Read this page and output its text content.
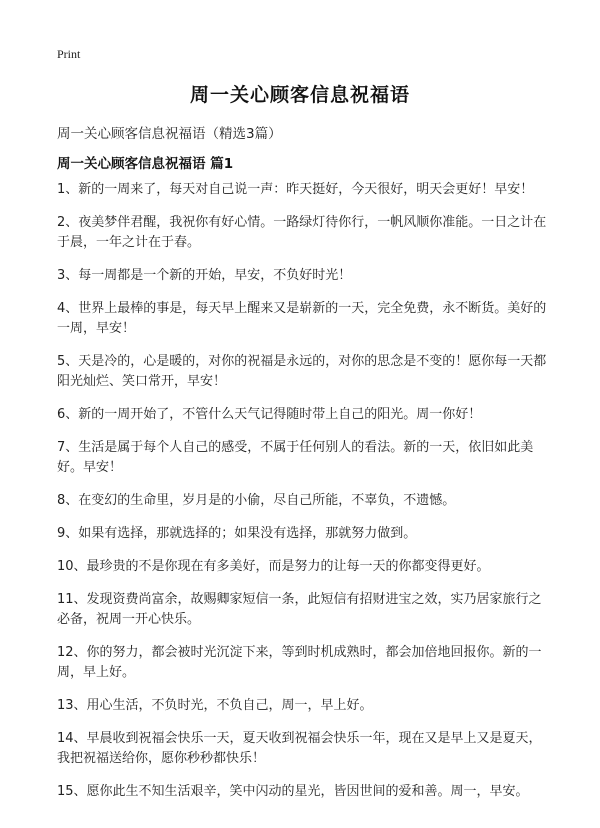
Print
周一关心顾客信息祝福语
周一关心顾客信息祝福语（精选3篇）
周一关心顾客信息祝福语 篇1

1、新的一周来了，每天对自己说一声：昨天挺好，今天很好，明天会更好！早安！

2、夜美梦伴君醒，我祝你有好心情。一路绿灯待你行，一帆风顺你准能。一日之计在于晨，一年之计在于春。

3、每一周都是一个新的开始，早安，不负好时光！

4、世界上最棒的事是，每天早上醒来又是崭新的一天，完全免费，永不断货。美好的一周，早安！

5、天是冷的，心是暖的，对你的祝福是永远的，对你的思念是不变的！愿你每一天都阳光灿烂、笑口常开，早安！

6、新的一周开始了，不管什么天气记得随时带上自己的阳光。周一你好！

7、生活是属于每个人自己的感受，不属于任何别人的看法。新的一天，依旧如此美好。早安！

8、在变幻的生命里，岁月是的小偷，尽自己所能，不辜负，不遗憾。

9、如果有选择，那就选择的；如果没有选择，那就努力做到。

10、最珍贵的不是你现在有多美好，而是努力的让每一天的你都变得更好。

11、发现资费尚富余，故赐卿家短信一条，此短信有招财进宝之效，实乃居家旅行之必备，祝周一开心快乐。

12、你的努力，都会被时光沉淀下来，等到时机成熟时，都会加倍地回报你。新的一周，早上好。

13、用心生活，不负时光，不负自己，周一，早上好。

14、早晨收到祝福会快乐一天，夏天收到祝福会快乐一年，现在又是早上又是夏天，我把祝福送给你，愿你秒秒都快乐！

15、愿你此生不知生活艰辛，笑中闪动的星光，皆因世间的爱和善。周一，早安。
